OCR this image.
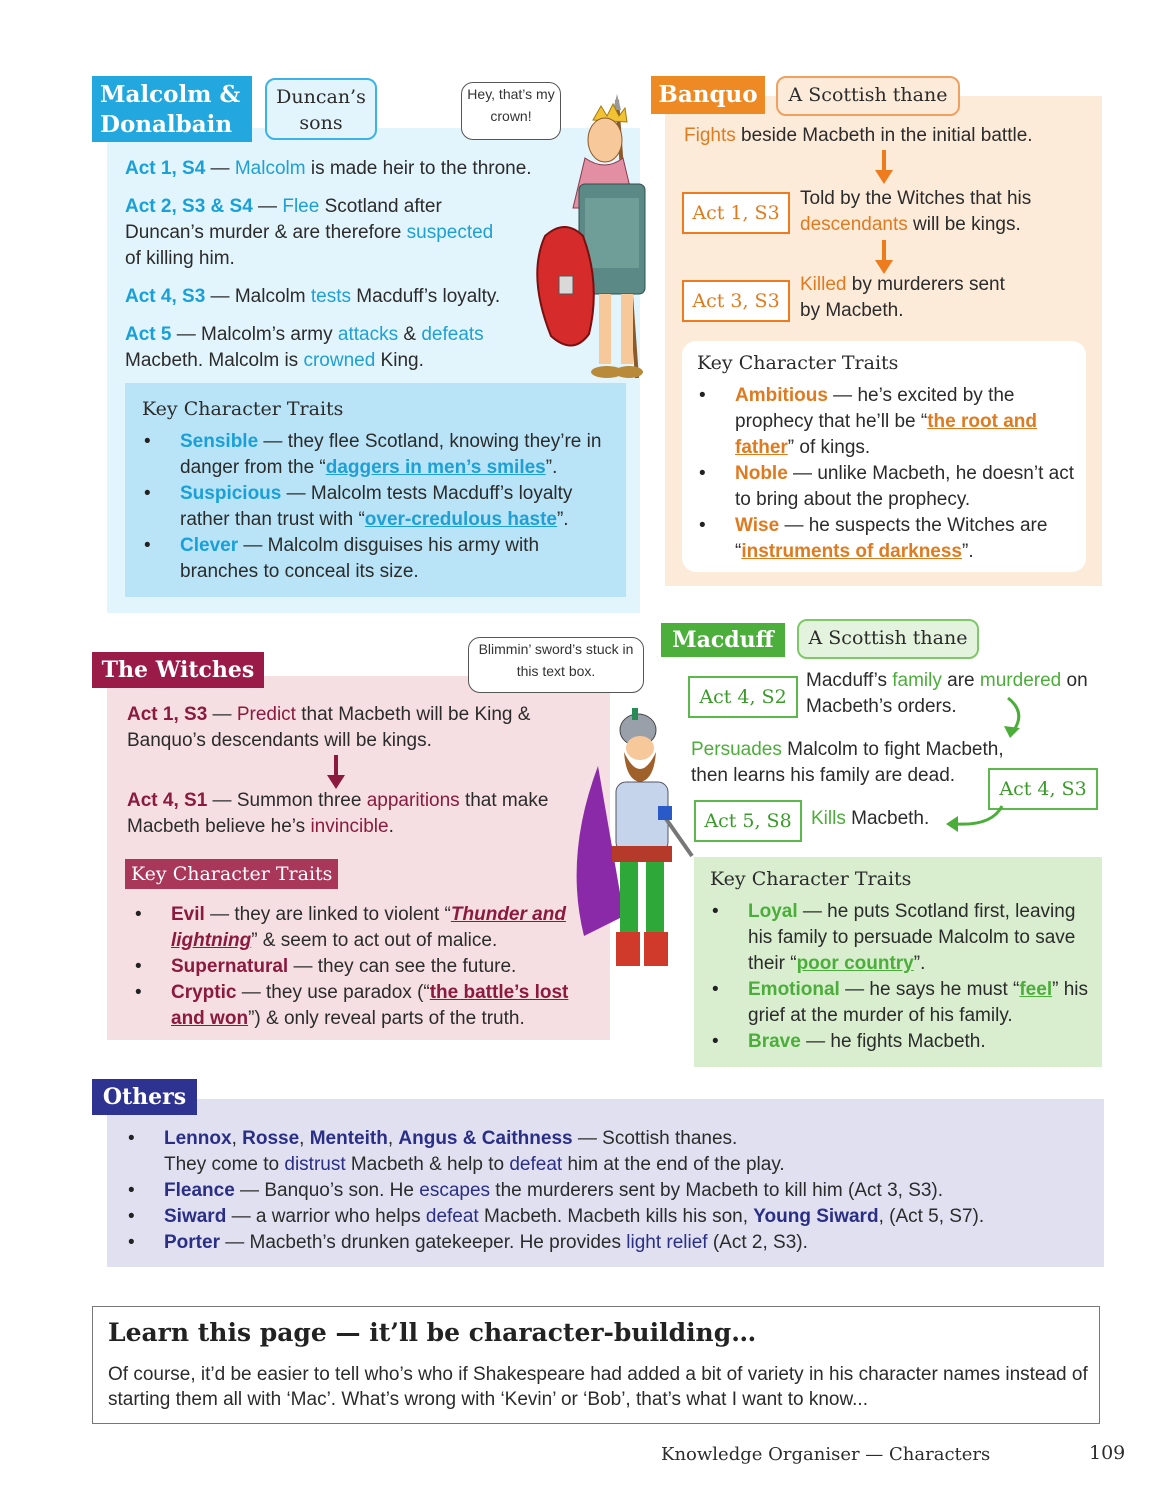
Malcolm & Donalbain
Duncan’s sons
Hey, that’s my crown!
Act 1, S4 — Malcolm is made heir to the throne.
Act 2, S3 & S4 — Flee Scotland after Duncan’s murder & are therefore suspected of killing him.
Act 4, S3 — Malcolm tests Macduff’s loyalty.
Act 5 — Malcolm’s army attacks & defeats Macbeth. Malcolm is crowned King.
Key Character Traits
• Sensible — they flee Scotland, knowing they’re in danger from the “daggers in men’s smiles”.
• Suspicious — Malcolm tests Macduff’s loyalty rather than trust with “over-credulous haste”.
• Clever — Malcolm disguises his army with branches to conceal its size.
Banquo	A Scottish thane
Fights beside Macbeth in the initial battle.
Act 1, S3
Told by the Witches that his descendants will be kings.
Act 3, S3
Killed by murderers sent by Macbeth.
Key Character Traits
• Ambitious — he’s excited by the prophecy that he’ll be “the root and father” of kings.
• Noble — unlike Macbeth, he doesn’t act to bring about the prophecy.
• Wise — he suspects the Witches are “instruments of darkness”.
The Witches
Blimmin’ sword’s stuck in this text box.
Act 1, S3 — Predict that Macbeth will be King & Banquo’s descendants will be kings.
Act 4, S1 — Summon three apparitions that make Macbeth believe he’s invincible.
Key Character Traits
• Evil — they are linked to violent “Thunder and lightning” & seem to act out of malice.
• Supernatural — they can see the future.
• Cryptic — they use paradox (“the battle’s lost and won”) & only reveal parts of the truth.
Macduff	A Scottish thane
Act 4, S2
Macduff’s family are murdered on Macbeth’s orders.
Persuades Malcolm to fight Macbeth, then learns his family are dead.
Act 4, S3
Act 5, S8	Kills Macbeth.
Key Character Traits
• Loyal — he puts Scotland first, leaving his family to persuade Malcolm to save their “poor country”.
• Emotional — he says he must “feel” his grief at the murder of his family.
• Brave — he fights Macbeth.
Others
• Lennox, Rosse, Menteith, Angus & Caithness — Scottish thanes.
They come to distrust Macbeth & help to defeat him at the end of the play.
• Fleance — Banquo’s son. He escapes the murderers sent by Macbeth to kill him (Act 3, S3).
• Siward — a warrior who helps defeat Macbeth. Macbeth kills his son, Young Siward, (Act 5, S7).
• Porter — Macbeth’s drunken gatekeeper. He provides light relief (Act 2, S3).
Learn this page — it’ll be character-building…
Of course, it’d be easier to tell who’s who if Shakespeare had added a bit of variety in his character names instead of starting them all with ‘Mac’. What’s wrong with ‘Kevin’ or ‘Bob’, that’s what I want to know...
Knowledge Organiser — Characters	109
